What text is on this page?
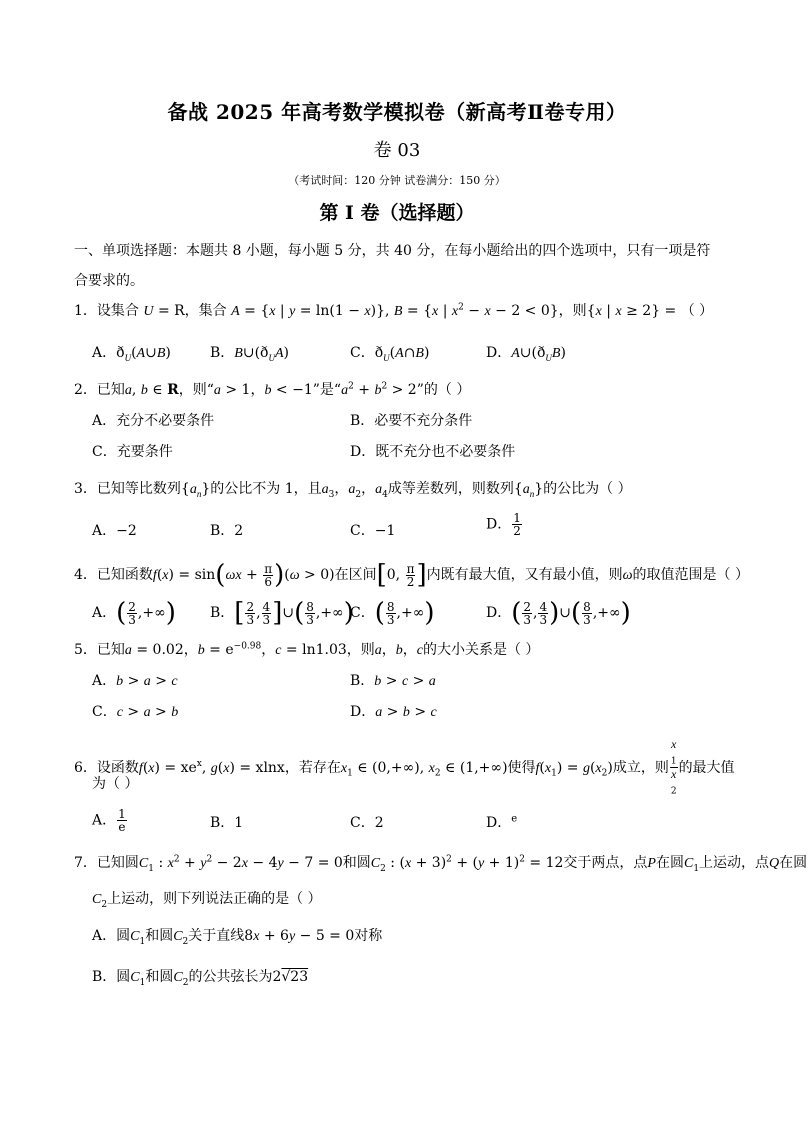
备战 2025 年高考数学模拟卷（新高考Ⅱ卷专用）
卷 03
（考试时间：120 分钟 试卷满分：150 分）
第 I 卷（选择题）
一、单项选择题：本题共 8 小题，每小题 5 分，共 40 分，在每小题给出的四个选项中，只有一项是符合要求的。
1．设集合 U = R，集合 A = {x | y = ln(1 − x)}, B = {x | $x^2 - x - 2 < 0$}，则{x | x ≥ 2} = （ ）
A．$ð_U(A\cup B)$	B．$B\cup(ð_UA)$	C．$ð_U(A\cap B)$	D．$A\cup(ð_UB)$
2．已知a, b ∈ R，则“a > 1，b < −1”是“$a^2 + b^2 > 2$”的（ ）
A．充分不必要条件	B．必要不充分条件
C．充要条件	D．既不充分也不必要条件
3．已知等比数列$\{a_n\}$的公比不为 1，且$a_3$，$a_2$，$a_4$成等差数列，则数列$\{a_n\}$的公比为（ ）
A．−2	B．2	C．−1	D． $\frac{1}{2}$
4．已知函数$f(x) = \sin(\omega x + \frac{\pi}{6} )(\omega > 0)$在区间[0, $\frac{\pi}{2}$ ]内既有最大值，又有最小值，则ω的取值范围是（ ）
A．( $\frac{2}{3}$ ,+∞) B．[ $\frac{2}{3}$ , $\frac{4}{3}$ ]∪( $\frac{8}{3}$ ,+∞)
C．( $\frac{8}{3}$ ,+∞)	D．( $\frac{2}{3}$ , $\frac{4}{3}$ )∪( $\frac{8}{3}$ ,+∞)
5．已知a = 0.02，$b = e^{-0.98}$，c = ln1.03，则a，b，c的大小关系是（ ）
A．b > a > c	B．b > c > a
C．c > a > b	D．a > b > c
6．设函数$f(x) = xe^x$, g(x) = xlnx，若存在$x_1$ ∈ (0,+∞), $x_2$ ∈ (1,+∞)使得$f(x_1) = g(x_2)$成立，则 x
$_1$
x
$_2$ 的最大值
为（ ）
A． $\frac{1}{e}$	B．1	C．2	D．$^e$
7．已知圆$C_1$ : $x^2 + y^2 - 2x - 4y - 7 = 0$和圆$C_2$ : $(x + 3)^2 + (y + 1)^2 = 12$交于两点，点P在圆$C_1$上运动，点Q在圆
$C_2$上运动，则下列说法正确的是（ ）
A．圆$C_1$和圆$C_2$关于直线8x + 6y − 5 = 0对称
B．圆$C_1$和圆$C_2$的公共弦长为2√23
